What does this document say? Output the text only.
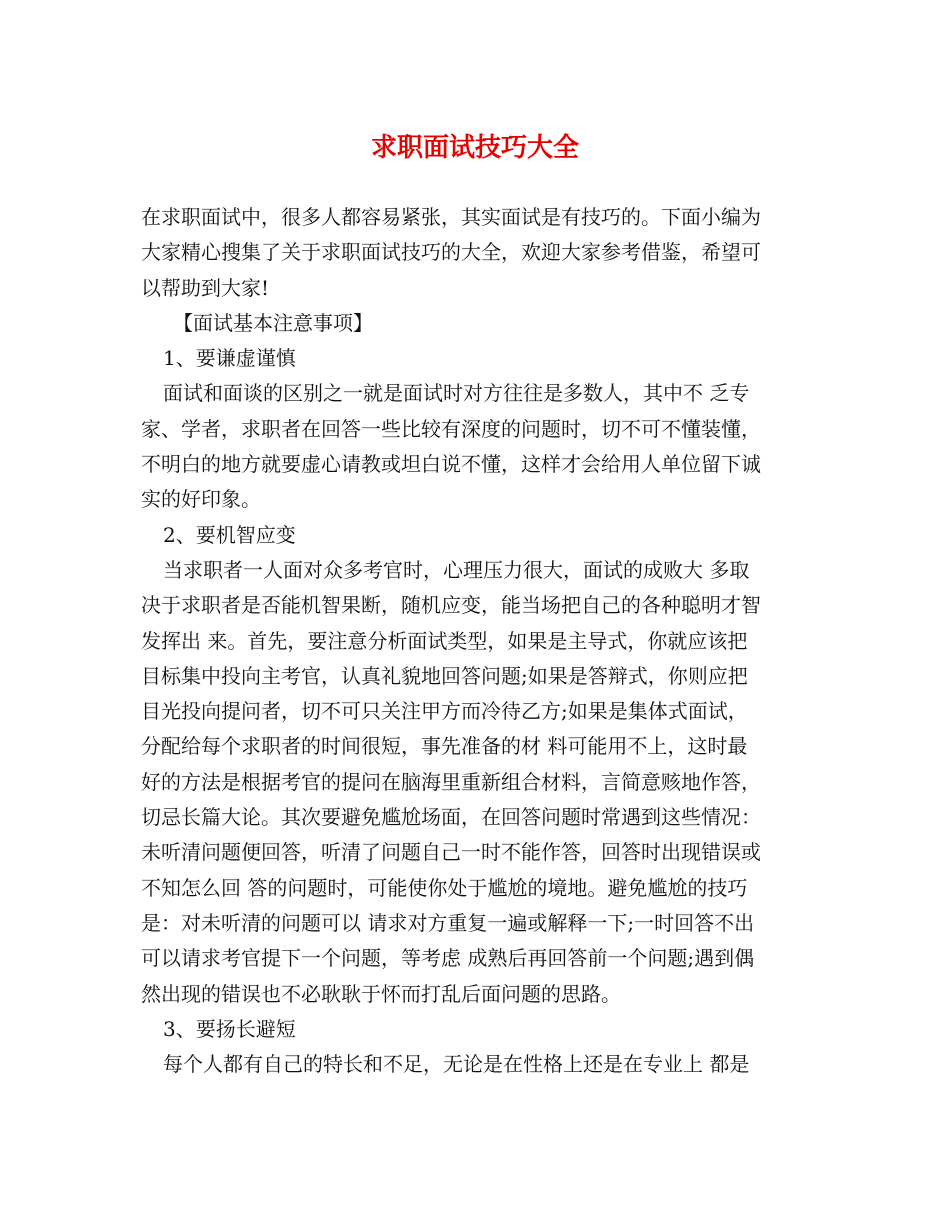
求职面试技巧大全

在求职面试中，很多人都容易紧张，其实面试是有技巧的。下面小编为

大家精心搜集了关于求职面试技巧的大全，欢迎大家参考借鉴，希望可

以帮助到大家!

【面试基本注意事项】

1、要谦虚谨慎

面试和面谈的区别之一就是面试时对方往往是多数人，其中不 乏专

家、学者，求职者在回答一些比较有深度的问题时，切不可不懂装懂，

不明白的地方就要虚心请教或坦白说不懂，这样才会给用人单位留下诚

实的好印象。

2、要机智应变

当求职者一人面对众多考官时，心理压力很大，面试的成败大 多取

决于求职者是否能机智果断，随机应变，能当场把自己的各种聪明才智

发挥出 来。首先，要注意分析面试类型，如果是主导式，你就应该把

目标集中投向主考官，认真礼貌地回答问题;如果是答辩式，你则应把

目光投向提问者，切不可只关注甲方而冷待乙方;如果是集体式面试，

分配给每个求职者的时间很短，事先准备的材 料可能用不上，这时最

好的方法是根据考官的提问在脑海里重新组合材料，言简意赅地作答，

切忌长篇大论。其次要避免尴尬场面，在回答问题时常遇到这些情况：

未听清问题便回答，听清了问题自己一时不能作答，回答时出现错误或

不知怎么回 答的问题时，可能使你处于尴尬的境地。避免尴尬的技巧

是：对未听清的问题可以 请求对方重复一遍或解释一下;一时回答不出

可以请求考官提下一个问题，等考虑 成熟后再回答前一个问题;遇到偶

然出现的错误也不必耿耿于怀而打乱后面问题的思路。

3、要扬长避短

每个人都有自己的特长和不足，无论是在性格上还是在专业上 都是
